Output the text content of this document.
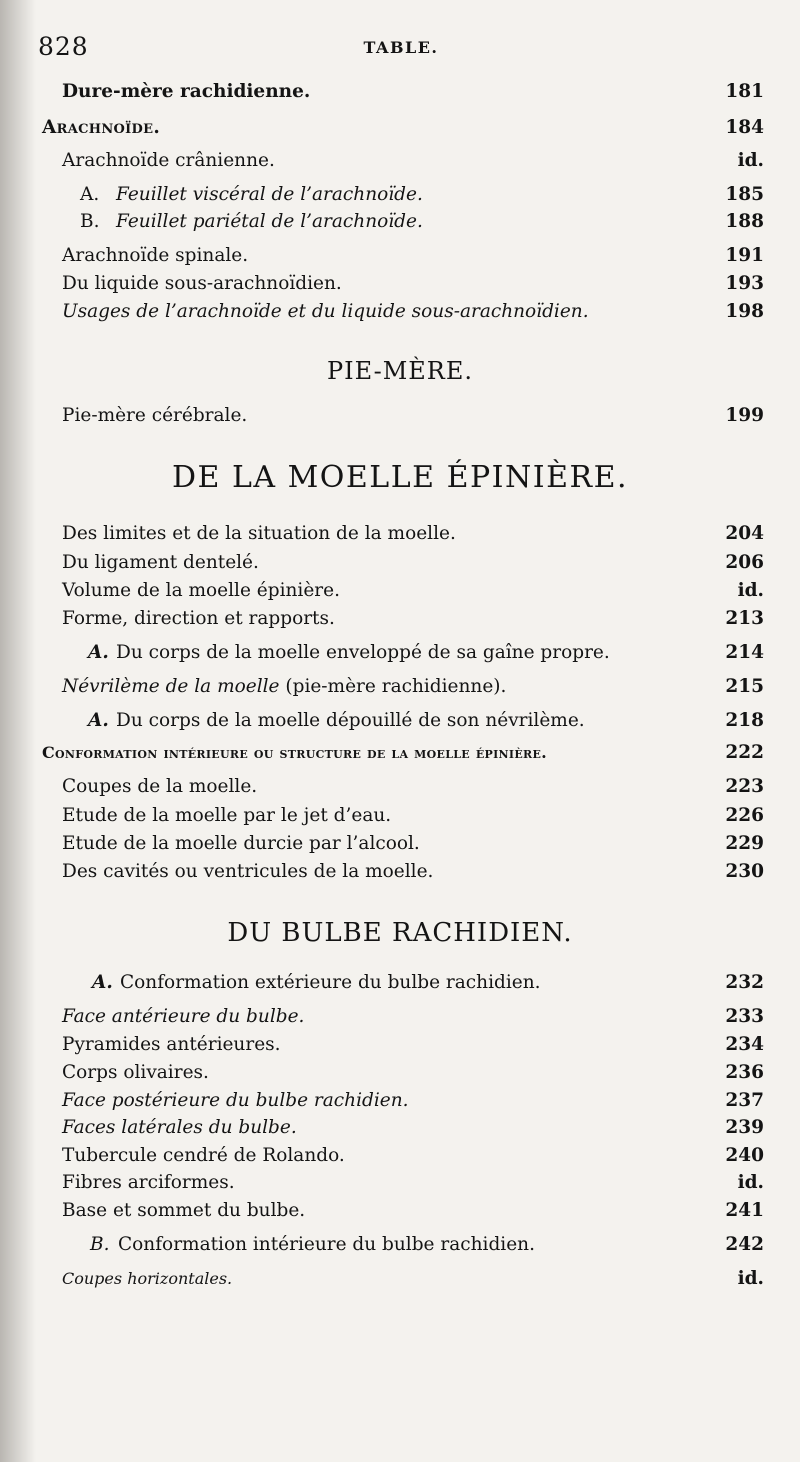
828	TABLE.
Dure-mère rachidienne.	181
Arachnoïde.	184
Arachnoïde crânienne.	id.
A. Feuillet viscéral de l’arachnoïde.	185
B. Feuillet pariétal de l’arachnoïde.	188
Arachnoïde spinale.	191
Du liquide sous-arachnoïdien.	193
Usages de l’arachnoïde et du liquide sous-arachnoïdien.	198
PIE-MÈRE.
Pie-mère cérébrale.	199
DE LA MOELLE ÉPINIÈRE.
Des limites et de la situation de la moelle.	204
Du ligament dentelé.	206
Volume de la moelle épinière.	id.
Forme, direction et rapports.	213
A. Du corps de la moelle enveloppé de sa gaîne propre.	214
Névrilème de la moelle (pie-mère rachidienne).	215
A. Du corps de la moelle dépouillé de son névrilème.	218
Conformation intérieure ou structure de la moelle épinière.	222
Coupes de la moelle.	223
Etude de la moelle par le jet d’eau.	226
Etude de la moelle durcie par l’alcool.	229
Des cavités ou ventricules de la moelle.	230
DU BULBE RACHIDIEN.
A. Conformation extérieure du bulbe rachidien.	232
Face antérieure du bulbe.	233
Pyramides antérieures.	234
Corps olivaires.	236
Face postérieure du bulbe rachidien.	237
Faces latérales du bulbe.	239
Tubercule cendré de Rolando.	240
Fibres arciformes.	id.
Base et sommet du bulbe.	241
B. Conformation intérieure du bulbe rachidien.	242
Coupes horizontales.	id.
